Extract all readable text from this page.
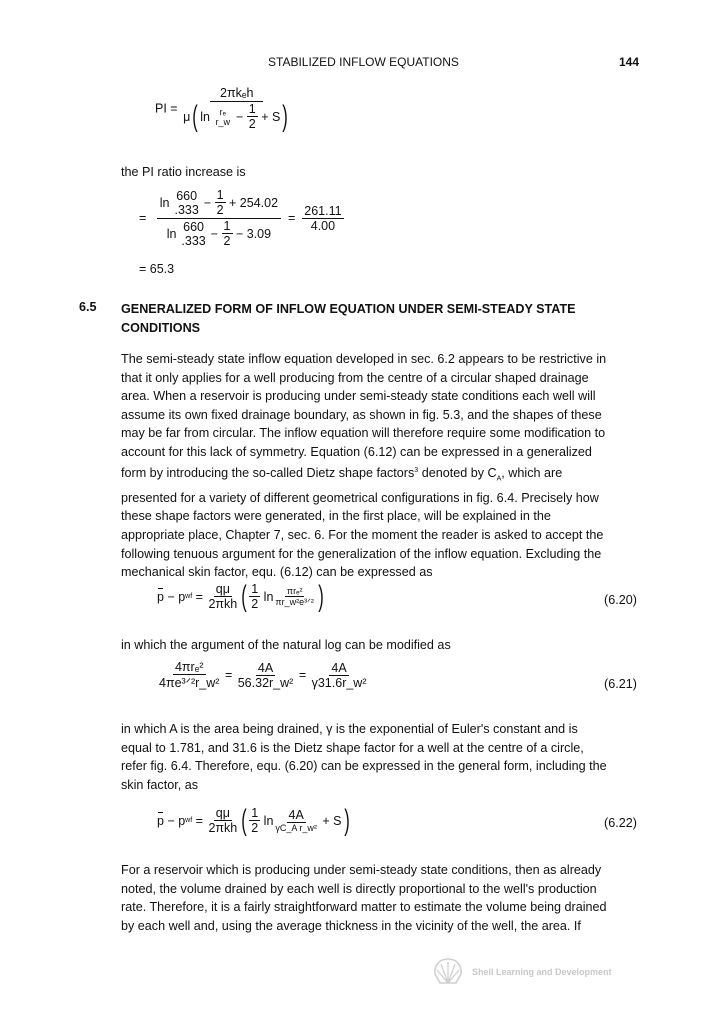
STABILIZED INFLOW EQUATIONS	144
PI =
2πkₑh
μ ( ln
rₑ
r_w − $\frac{1}{2}$
+ S )
the PI ratio increase is
=
ln 660
$.333 - \frac{1}{2}$
+ 254.02
ln 660
$.333 - \frac{1}{2}$
− 3.09
= $\frac{261.11}{4.00}$
= 65.3
6.5 GENERALIZED FORM OF INFLOW EQUATION UNDER SEMI-STEADY STATE CONDITIONS
The semi-steady state inflow equation developed in sec. 6.2 appears to be restrictive in
that it only applies for a well producing from the centre of a circular shaped drainage
area. When a reservoir is producing under semi-steady state conditions each well will
assume its own fixed drainage boundary, as shown in fig. 5.3, and the shapes of these
may be far from circular. The inflow equation will therefore require some modification to
account for this lack of symmetry. Equation (6.12) can be expressed in a generalized
form by introducing the so-called Dietz shape factors$^3$ denoted by $C_A$, which are
presented for a variety of different geometrical configurations in fig. 6.4. Precisely how
these shape factors were generated, in the first place, will be explained in the
appropriate place, Chapter 7, sec. 6. For the moment the reader is asked to accept the
following tenuous argument for the generalization of the inflow equation. Excluding the
mechanical skin factor, equ. (6.12) can be expressed as
p
− p wf
=
$\frac{q\mu}{\text{2πkh}}$ ( $\frac{1}{2}$
$\ln \frac{\text{πrₑ²}}{\text{πr\_w²e³ᐟ²}}$ )	(6.20)
in which the argument of the natural log can be modified as
$\frac{\text{4πrₑ²}}{\text{4πe³ᐟ²r\_w²}}$
=
$\frac{4A}{\text{56.32r\_w²}}$
=
$\frac{4A}{\text{γ31.6r\_w²}}$	(6.21)
in which A is the area being drained, γ is the exponential of Euler's constant and is
equal to 1.781, and 31.6 is the Dietz shape factor for a well at the centre of a circle,
refer fig. 6.4. Therefore, equ. (6.20) can be expressed in the general form, including the
skin factor, as
p
− p wf
=
$\frac{q\mu}{\text{2πkh}}$ ( $\frac{1}{2}$
$\ln \frac{4A}{\text{γC\_A r\_w²}}$
+ S )	(6.22)
For a reservoir which is producing under semi-steady state conditions, then as already
noted, the volume drained by each well is directly proportional to the well's production
rate. Therefore, it is a fairly straightforward matter to estimate the volume being drained
by each well and, using the average thickness in the vicinity of the well, the area. If
Shell Learning and Development
